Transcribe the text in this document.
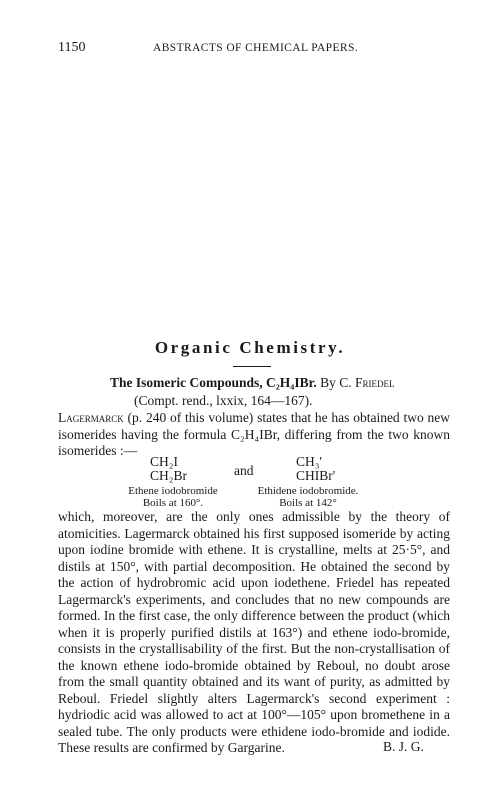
1150	ABSTRACTS OF CHEMICAL PAPERS.
Organic Chemistry.
The Isomeric Compounds, C₂H₄IBr. By C. Friedel
(Compt. rend., lxxix, 164—167).
Lagermarck (p. 240 of this volume) states that he has obtained two new isomerides having the formula C₂H₄IBr, differing from the two known isomerides :—
CH₂I
CH₂Br	and
CH₃'
CHIBr'
Ethene iodobromide
Boils at 160°.
Ethidene iodobromide.
Boils at 142°
which, moreover, are the only ones admissible by the theory of atomicities. Lagermarck obtained his first supposed isomeride by acting upon iodine bromide with ethene. It is crystalline, melts at 25·5°, and distils at 150°, with partial decomposition. He obtained the second by the action of hydrobromic acid upon iodethene. Friedel has repeated Lagermarck's experiments, and concludes that no new compounds are formed. In the first case, the only difference between the product (which when it is properly purified distils at 163°) and ethene iodo-bromide, consists in the crystallisability of the first. But the non-crystallisation of the known ethene iodo-bromide obtained by Reboul, no doubt arose from the small quantity obtained and its want of purity, as admitted by Reboul. Friedel slightly alters Lagermarck's second experiment : hydriodic acid was allowed to act at 100°—105° upon bromethene in a sealed tube. The only products were ethidene iodo-bromide and iodide. These results are confirmed by Gargarine.	B. J. G.
